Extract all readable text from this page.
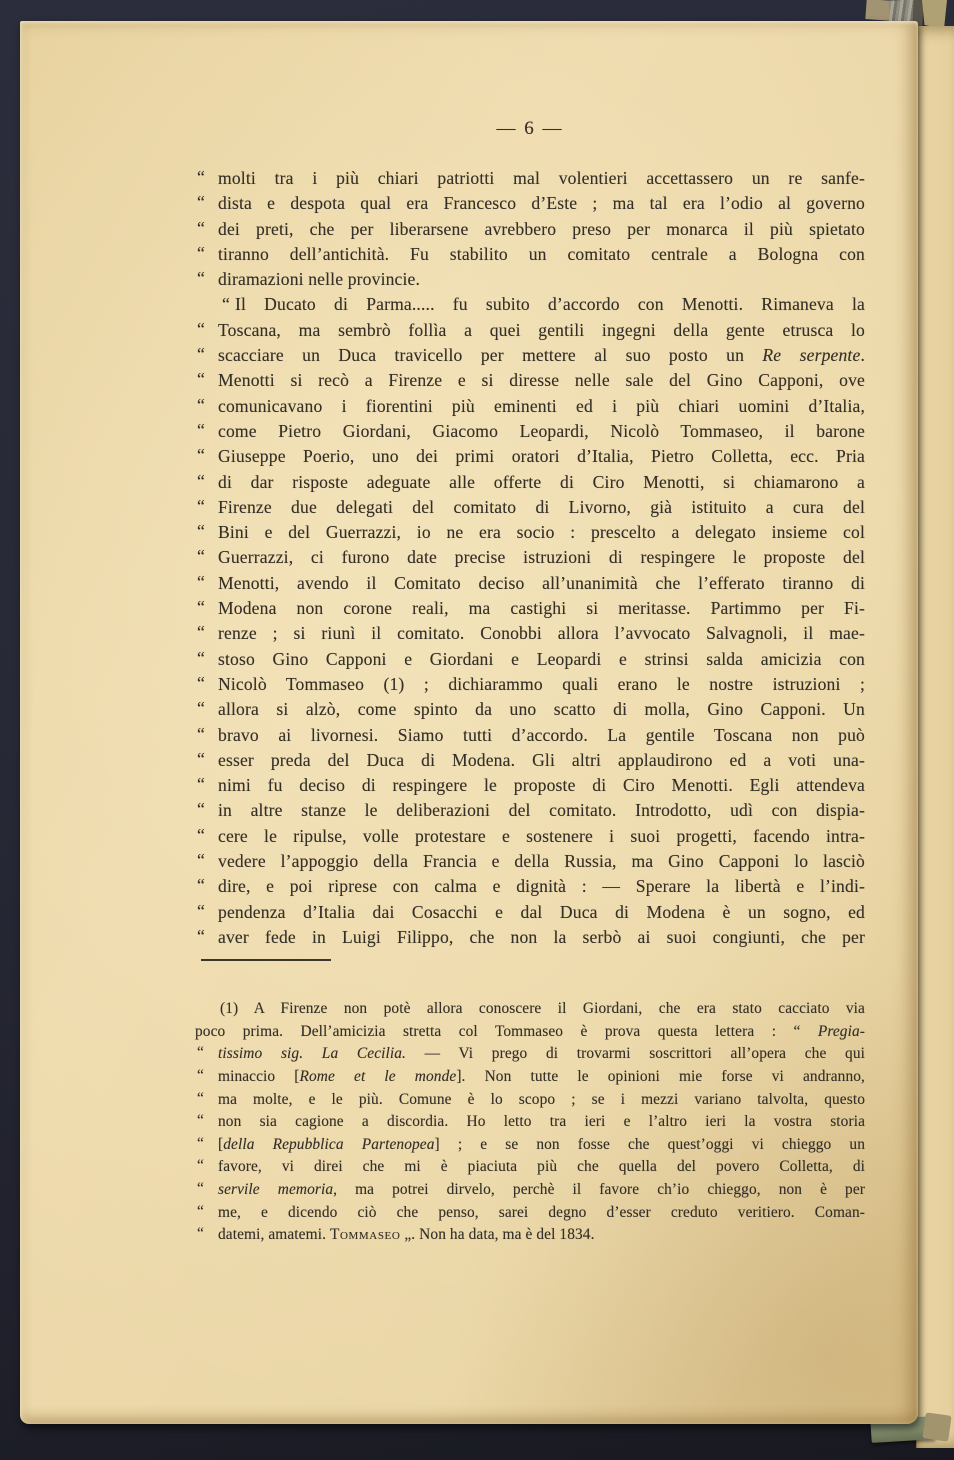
— 6 —
“ molti tra i più chiari patriotti mal volentieri accettassero un re sanfe-
“ dista e despota qual era Francesco d’Este ; ma tal era l’odio al governo
“ dei preti, che per liberarsene avrebbero preso per monarca il più spietato
“ tiranno dell’antichità. Fu stabilito un comitato centrale a Bologna con
“ diramazioni nelle provincie.
“ Il Ducato di Parma..... fu subito d’accordo con Menotti. Rimaneva la
“ Toscana, ma sembrò follìa a quei gentili ingegni della gente etrusca lo
“ scacciare un Duca travicello per mettere al suo posto un Re serpente.
“ Menotti si recò a Firenze e si diresse nelle sale del Gino Capponi, ove
“ comunicavano i fiorentini più eminenti ed i più chiari uomini d’Italia,
“ come Pietro Giordani, Giacomo Leopardi, Nicolò Tommaseo, il barone
“ Giuseppe Poerio, uno dei primi oratori d’Italia, Pietro Colletta, ecc. Pria
“ di dar risposte adeguate alle offerte di Ciro Menotti, si chiamarono a
“ Firenze due delegati del comitato di Livorno, già istituito a cura del
“ Bini e del Guerrazzi, io ne era socio : prescelto a delegato insieme col
“ Guerrazzi, ci furono date precise istruzioni di respingere le proposte del
“ Menotti, avendo il Comitato deciso all’unanimità che l’efferato tiranno di
“ Modena non corone reali, ma castighi si meritasse. Partimmo per Fi-
“ renze ; si riunì il comitato. Conobbi allora l’avvocato Salvagnoli, il mae-
“ stoso Gino Capponi e Giordani e Leopardi e strinsi salda amicizia con
“ Nicolò Tommaseo (1) ; dichiarammo quali erano le nostre istruzioni ;
“ allora si alzò, come spinto da uno scatto di molla, Gino Capponi. Un
“ bravo ai livornesi. Siamo tutti d’accordo. La gentile Toscana non può
“ esser preda del Duca di Modena. Gli altri applaudirono ed a voti una-
“ nimi fu deciso di respingere le proposte di Ciro Menotti. Egli attendeva
“ in altre stanze le deliberazioni del comitato. Introdotto, udì con dispia-
“ cere le ripulse, volle protestare e sostenere i suoi progetti, facendo intra-
“ vedere l’appoggio della Francia e della Russia, ma Gino Capponi lo lasciò
“ dire, e poi riprese con calma e dignità : — Sperare la libertà e l’indi-
“ pendenza d’Italia dai Cosacchi e dal Duca di Modena è un sogno, ed
“ aver fede in Luigi Filippo, che non la serbò ai suoi congiunti, che per
(1) A Firenze non potè allora conoscere il Giordani, che era stato cacciato via
poco prima. Dell’amicizia stretta col Tommaseo è prova questa lettera : “ Pregia-
“ tissimo sig. La Cecilia. — Vi prego di trovarmi soscrittori all’opera che qui
“ minaccio [Rome et le monde]. Non tutte le opinioni mie forse vi andranno,
“ ma molte, e le più. Comune è lo scopo ; se i mezzi variano talvolta, questo
“ non sia cagione a discordia. Ho letto tra ieri e l’altro ieri la vostra storia
“ [della Repubblica Partenopea] ; e se non fosse che quest’oggi vi chieggo un
“ favore, vi direi che mi è piaciuta più che quella del povero Colletta, di
“ servile memoria, ma potrei dirvelo, perchè il favore ch’io chieggo, non è per
“ me, e dicendo ciò che penso, sarei degno d’esser creduto veritiero. Coman-
“ datemi, amatemi. Tommaseo „. Non ha data, ma è del 1834.
